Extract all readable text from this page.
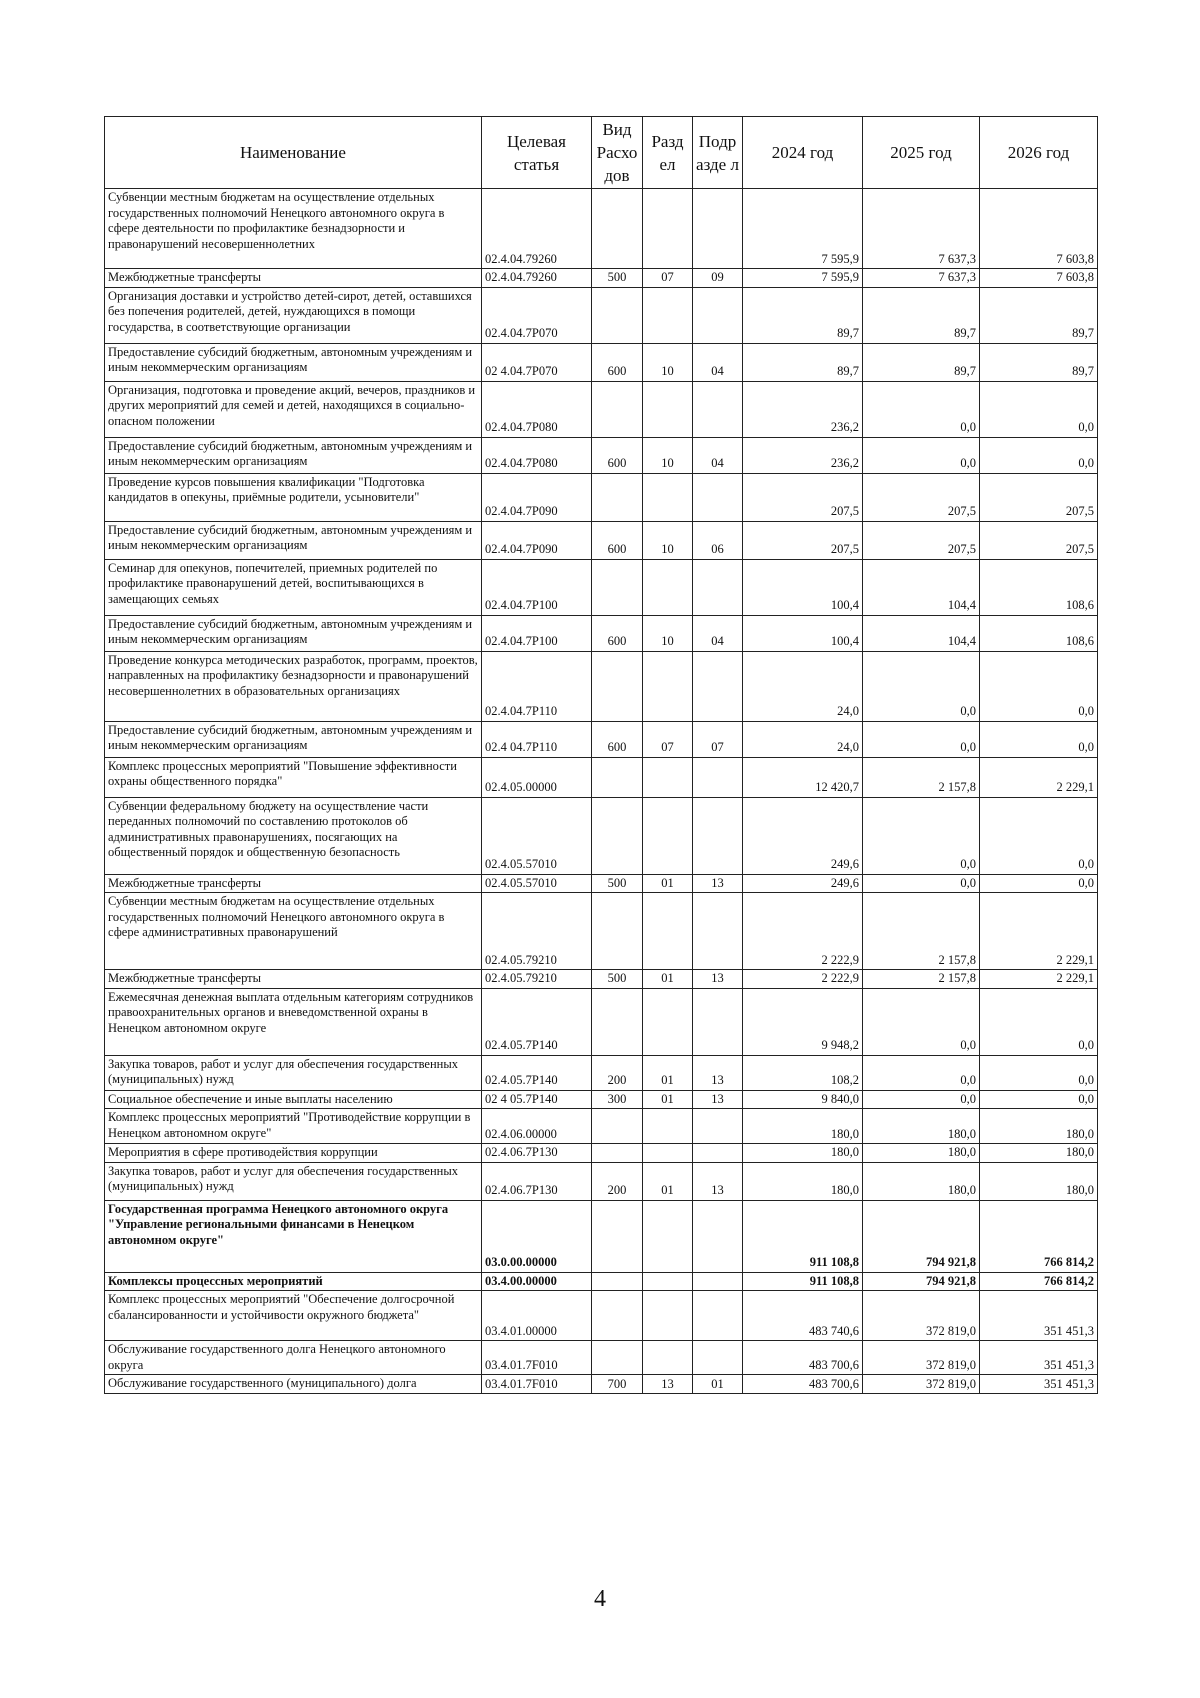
Наименование	Целевая статья	Вид Расхо дов	Разд ел	Подр азде л	2024 год	2025 год	2026 год
Субвенции местным бюджетам на осуществление отдельных государственных полномочий Ненецкого автономного округа в сфере деятельности по профилактике безнадзорности и правонарушений несовершеннолетних	02.4.04.79260				7 595,9	7 637,3	7 603,8
Межбюджетные трансферты	02.4.04.79260	500	07	09	7 595,9	7 637,3	7 603,8
Организация доставки и устройство детей-сирот, детей, оставшихся без попечения родителей, детей, нуждающихся в помощи государства, в соответствующие организации	02.4.04.7Р070				89,7	89,7	89,7
Предоставление субсидий бюджетным, автономным учреждениям и иным некоммерческим организациям	02 4.04.7Р070	600	10	04	89,7	89,7	89,7
Организация, подготовка и проведение акций, вечеров, праздников и других мероприятий для семей и детей, находящихся в социально-опасном положении	02.4.04.7Р080				236,2	0,0	0,0
Предоставление субсидий бюджетным, автономным учреждениям и иным некоммерческим организациям	02.4.04.7Р080	600	10	04	236,2	0,0	0,0
Проведение курсов повышения квалификации "Подготовка кандидатов в опекуны, приёмные родители, усыновители"	02.4.04.7Р090				207,5	207,5	207,5
Предоставление субсидий бюджетным, автономным учреждениям и иным некоммерческим организациям	02.4.04.7Р090	600	10	06	207,5	207,5	207,5
Семинар для опекунов, попечителей, приемных родителей по профилактике правонарушений детей, воспитывающихся в замещающих семьях	02.4.04.7Р100				100,4	104,4	108,6
Предоставление субсидий бюджетным, автономным учреждениям и иным некоммерческим организациям	02.4.04.7Р100	600	10	04	100,4	104,4	108,6
Проведение конкурса методических разработок, программ, проектов, направленных на профилактику безнадзорности и правонарушений несовершеннолетних в образовательных организациях	02.4.04.7Р110				24,0	0,0	0,0
Предоставление субсидий бюджетным, автономным учреждениям и иным некоммерческим организациям	02.4 04.7Р110	600	07	07	24,0	0,0	0,0
Комплекс процессных мероприятий "Повышение эффективности охраны общественного порядка"	02.4.05.00000				12 420,7	2 157,8	2 229,1
Субвенции федеральному бюджету на осуществление части переданных полномочий по составлению протоколов об административных правонарушениях, посягающих на общественный порядок и общественную безопасность	02.4.05.57010				249,6	0,0	0,0
Межбюджетные трансферты	02.4.05.57010	500	01	13	249,6	0,0	0,0
Субвенции местным бюджетам на осуществление отдельных государственных полномочий Ненецкого автономного округа в сфере административных правонарушений	02.4.05.79210				2 222,9	2 157,8	2 229,1
Межбюджетные трансферты	02.4.05.79210	500	01	13	2 222,9	2 157,8	2 229,1
Ежемесячная денежная выплата отдельным категориям сотрудников правоохранительных органов и вневедомственной охраны в Ненецком автономном округе	02.4.05.7Р140				9 948,2	0,0	0,0
Закупка товаров, работ и услуг для обеспечения государственных (муниципальных) нужд	02.4.05.7Р140	200	01	13	108,2	0,0	0,0
Социальное обеспечение и иные выплаты населению	02 4 05.7Р140	300	01	13	9 840,0	0,0	0,0
Комплекс процессных мероприятий "Противодействие коррупции в Ненецком автономном округе"	02.4.06.00000				180,0	180,0	180,0
Мероприятия в сфере противодействия коррупции	02.4.06.7Р130				180,0	180,0	180,0
Закупка товаров, работ и услуг для обеспечения государственных (муниципальных) нужд	02.4.06.7Р130	200	01	13	180,0	180,0	180,0
Государственная программа Ненецкого автономного округа "Управление региональными финансами в Ненецком автономном округе"	03.0.00.00000				911 108,8	794 921,8	766 814,2
Комплексы процессных мероприятий	03.4.00.00000				911 108,8	794 921,8	766 814,2
Комплекс процессных мероприятий "Обеспечение долгосрочной сбалансированности и устойчивости окружного бюджета"	03.4.01.00000				483 740,6	372 819,0	351 451,3
Обслуживание государственного долга Ненецкого автономного округа	03.4.01.7F010				483 700,6	372 819,0	351 451,3
Обслуживание государственного (муниципального) долга	03.4.01.7F010	700	13	01	483 700,6	372 819,0	351 451,3
4
